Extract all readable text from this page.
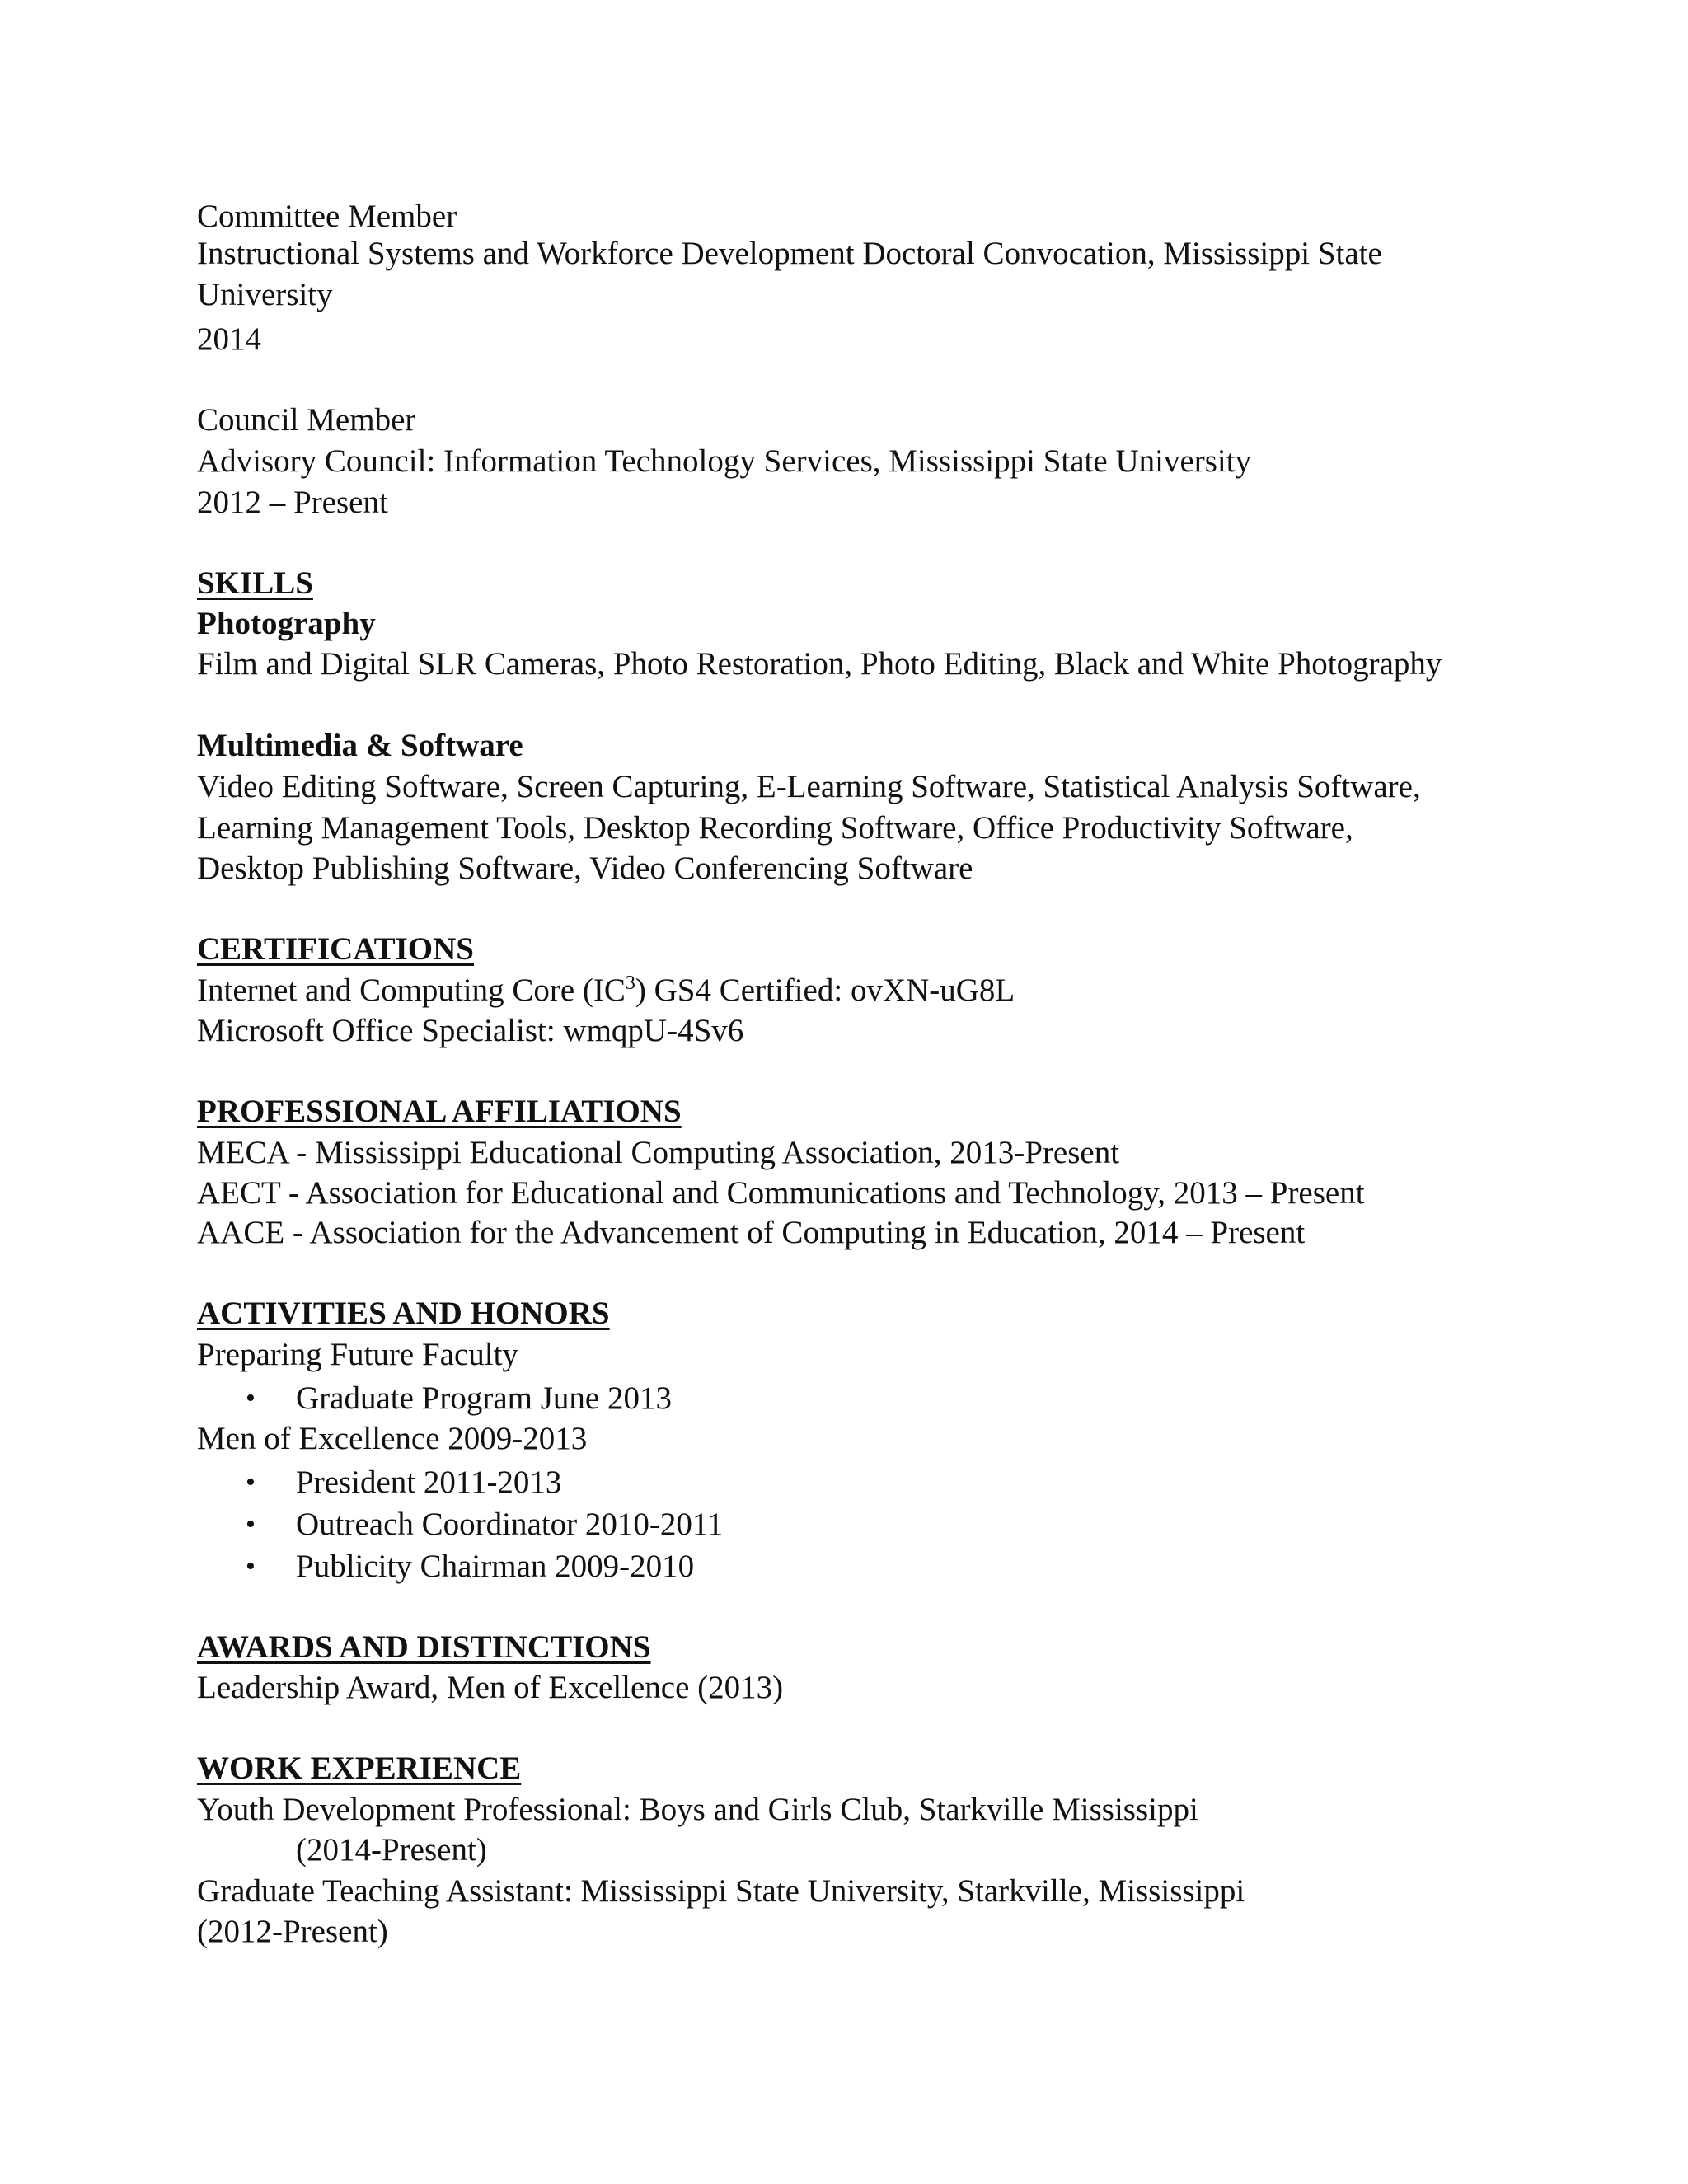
Committee Member
Instructional Systems and Workforce Development Doctoral Convocation, Mississippi State University
2014
Council Member
Advisory Council: Information Technology Services, Mississippi State University
2012 – Present
SKILLS
Photography
Film and Digital SLR Cameras, Photo Restoration, Photo Editing, Black and White Photography
Multimedia & Software
Video Editing Software, Screen Capturing, E-Learning Software, Statistical Analysis Software,
Learning Management Tools, Desktop Recording Software, Office Productivity Software,
Desktop Publishing Software, Video Conferencing Software
CERTIFICATIONS
Internet and Computing Core $(IC^3)$ GS4 Certified: ovXN-uG8L
Microsoft Office Specialist: wmqpU-4Sv6
PROFESSIONAL AFFILIATIONS
MECA - Mississippi Educational Computing Association, 2013-Present
AECT - Association for Educational and Communications and Technology, 2013 – Present
AACE - Association for the Advancement of Computing in Education, 2014 – Present
ACTIVITIES AND HONORS
Preparing Future Faculty
• Graduate Program June 2013
Men of Excellence 2009-2013
• President 2011-2013
• Outreach Coordinator 2010-2011
• Publicity Chairman 2009-2010
AWARDS AND DISTINCTIONS
Leadership Award, Men of Excellence (2013)
WORK EXPERIENCE
Youth Development Professional: Boys and Girls Club, Starkville Mississippi
(2014-Present)
Graduate Teaching Assistant: Mississippi State University, Starkville, Mississippi
(2012-Present)
